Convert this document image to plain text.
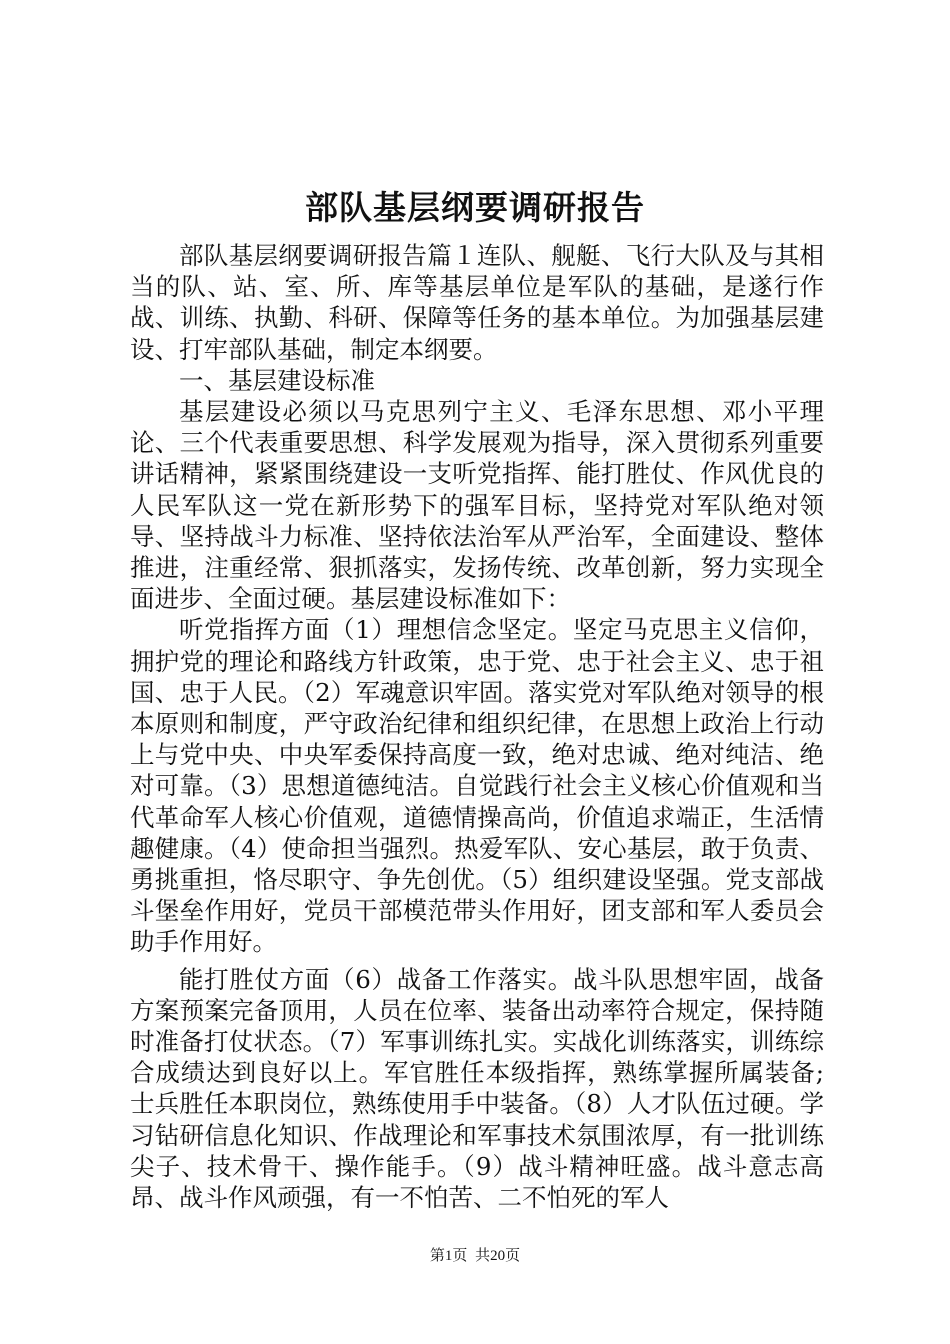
部队基层纲要调研报告

部队基层纲要调研报告篇１连队、舰艇、飞行大队及与其相当的队、站、室、所、库等基层单位是军队的基础，是遂行作战、训练、执勤、科研、保障等任务的基本单位。为加强基层建设、打牢部队基础，制定本纲要。

一、基层建设标准

基层建设必须以马克思列宁主义、毛泽东思想、邓小平理论、三个代表重要思想、科学发展观为指导，深入贯彻系列重要讲话精神，紧紧围绕建设一支听党指挥、能打胜仗、作风优良的人民军队这一党在新形势下的强军目标，坚持党对军队绝对领导、坚持战斗力标准、坚持依法治军从严治军，全面建设、整体推进，注重经常、狠抓落实，发扬传统、改革创新，努力实现全面进步、全面过硬。基层建设标准如下：

听党指挥方面（1）理想信念坚定。坚定马克思主义信仰，拥护党的理论和路线方针政策，忠于党、忠于社会主义、忠于祖国、忠于人民。（2）军魂意识牢固。落实党对军队绝对领导的根本原则和制度，严守政治纪律和组织纪律，在思想上政治上行动上与党中央、中央军委保持高度一致，绝对忠诚、绝对纯洁、绝对可靠。（3）思想道德纯洁。自觉践行社会主义核心价值观和当代革命军人核心价值观，道德情操高尚，价值追求端正，生活情趣健康。（4）使命担当强烈。热爱军队、安心基层，敢于负责、勇挑重担，恪尽职守、争先创优。（5）组织建设坚强。党支部战斗堡垒作用好，党员干部模范带头作用好，团支部和军人委员会助手作用好。

能打胜仗方面（6）战备工作落实。战斗队思想牢固，战备方案预案完备顶用，人员在位率、装备出动率符合规定，保持随时准备打仗状态。（7）军事训练扎实。实战化训练落实，训练综合成绩达到良好以上。军官胜任本级指挥，熟练掌握所属装备;士兵胜任本职岗位，熟练使用手中装备。（8）人才队伍过硬。学习钻研信息化知识、作战理论和军事技术氛围浓厚，有一批训练尖子、技术骨干、操作能手。（9）战斗精神旺盛。战斗意志高昂、战斗作风顽强，有一不怕苦、二不怕死的军人

第1页 共20页
